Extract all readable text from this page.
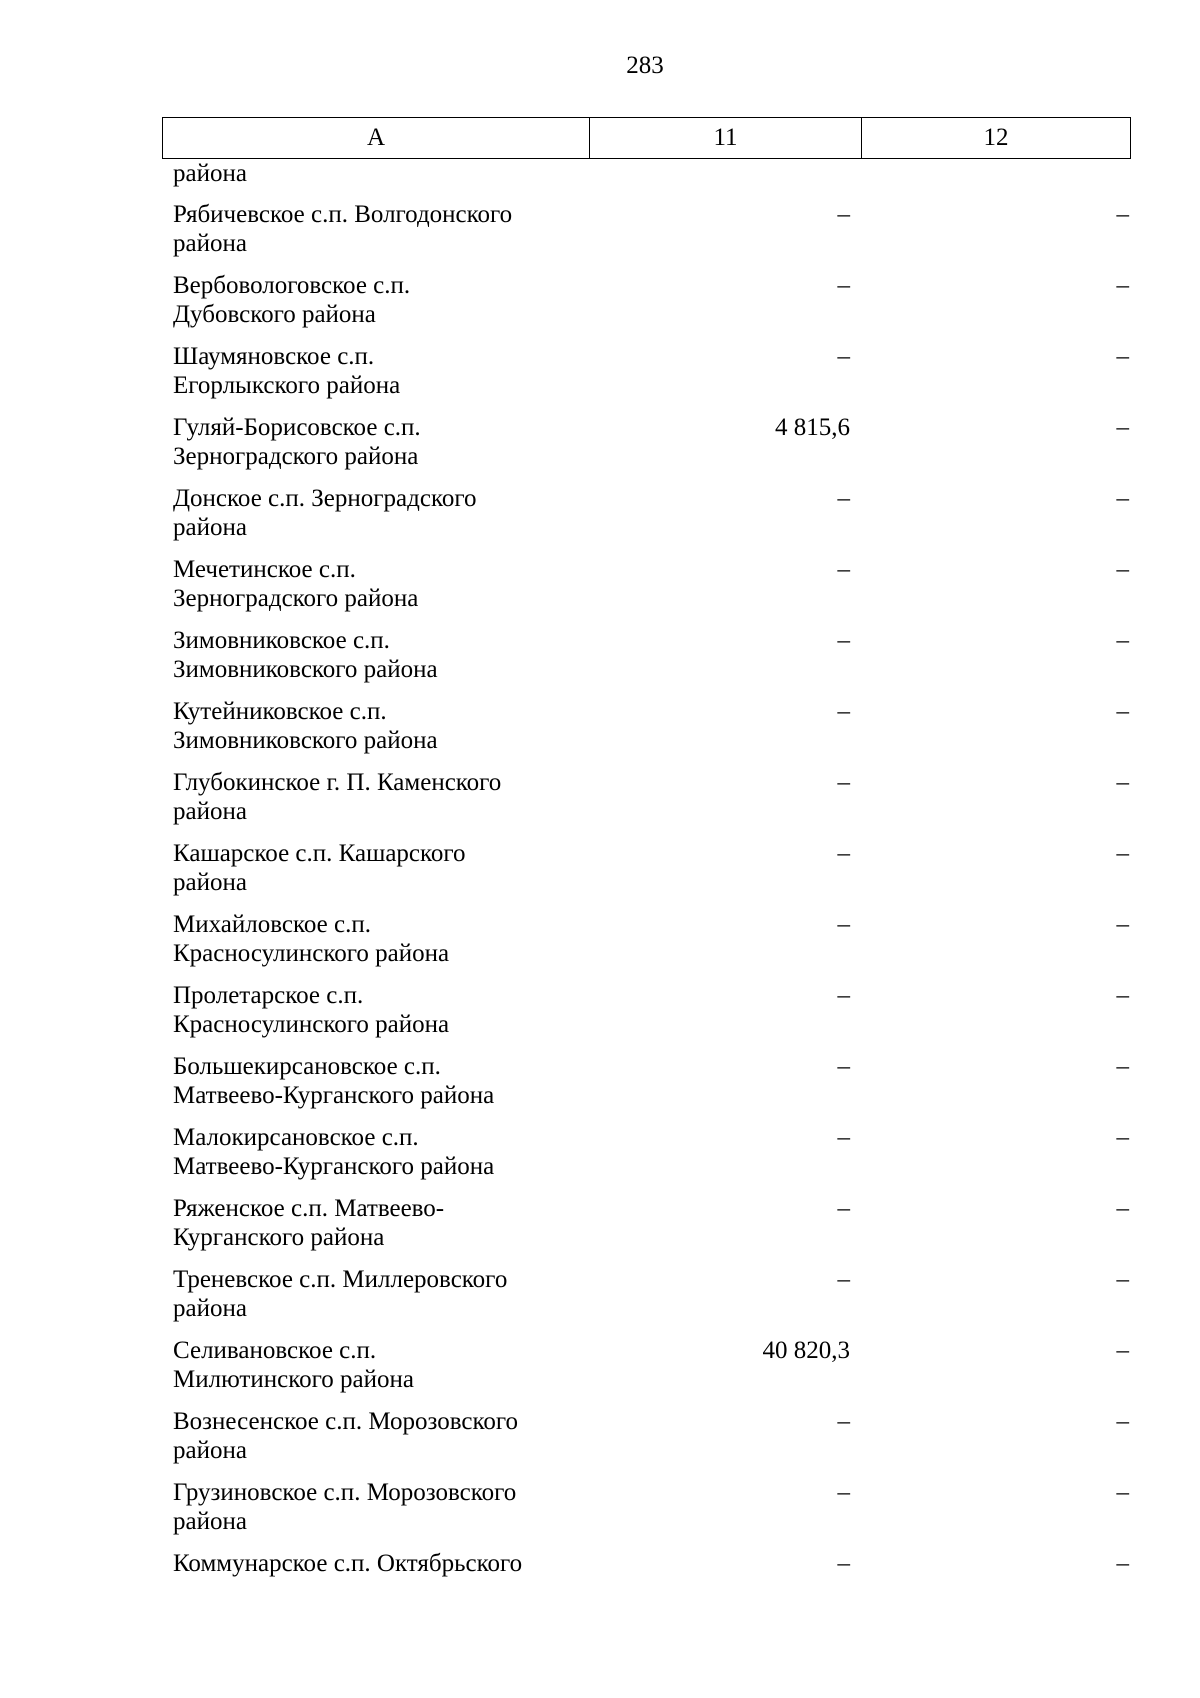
283
А	11	12
района
Рябичевское с.п. Волгодонского
района
–	–
Вербовологовское с.п.
Дубовского района
–	–
Шаумяновское с.п.
Егорлыкского района
–	–
Гуляй-Борисовское с.п.
Зерноградского района
4 815,6	–
Донское с.п. Зерноградского
района
–	–
Мечетинское с.п.
Зерноградского района
–	–
Зимовниковское с.п.
Зимовниковского района
–	–
Кутейниковское с.п.
Зимовниковского района
–	–
Глубокинское г. П. Каменского
района
–	–
Кашарское с.п. Кашарского
района
–	–
Михайловское с.п.
Красносулинского района
–	–
Пролетарское с.п.
Красносулинского района
–	–
Большекирсановское с.п.
Матвеево-Курганского района
–	–
Малокирсановское с.п.
Матвеево-Курганского района
–	–
Ряженское с.п. Матвеево-
Курганского района
–	–
Треневское с.п. Миллеровского
района
–	–
Селивановское с.п.
Милютинского района
40 820,3	–
Вознесенское с.п. Морозовского
района
–	–
Грузиновское с.п. Морозовского
района
–	–
Коммунарское с.п. Октябрьского	–	–
